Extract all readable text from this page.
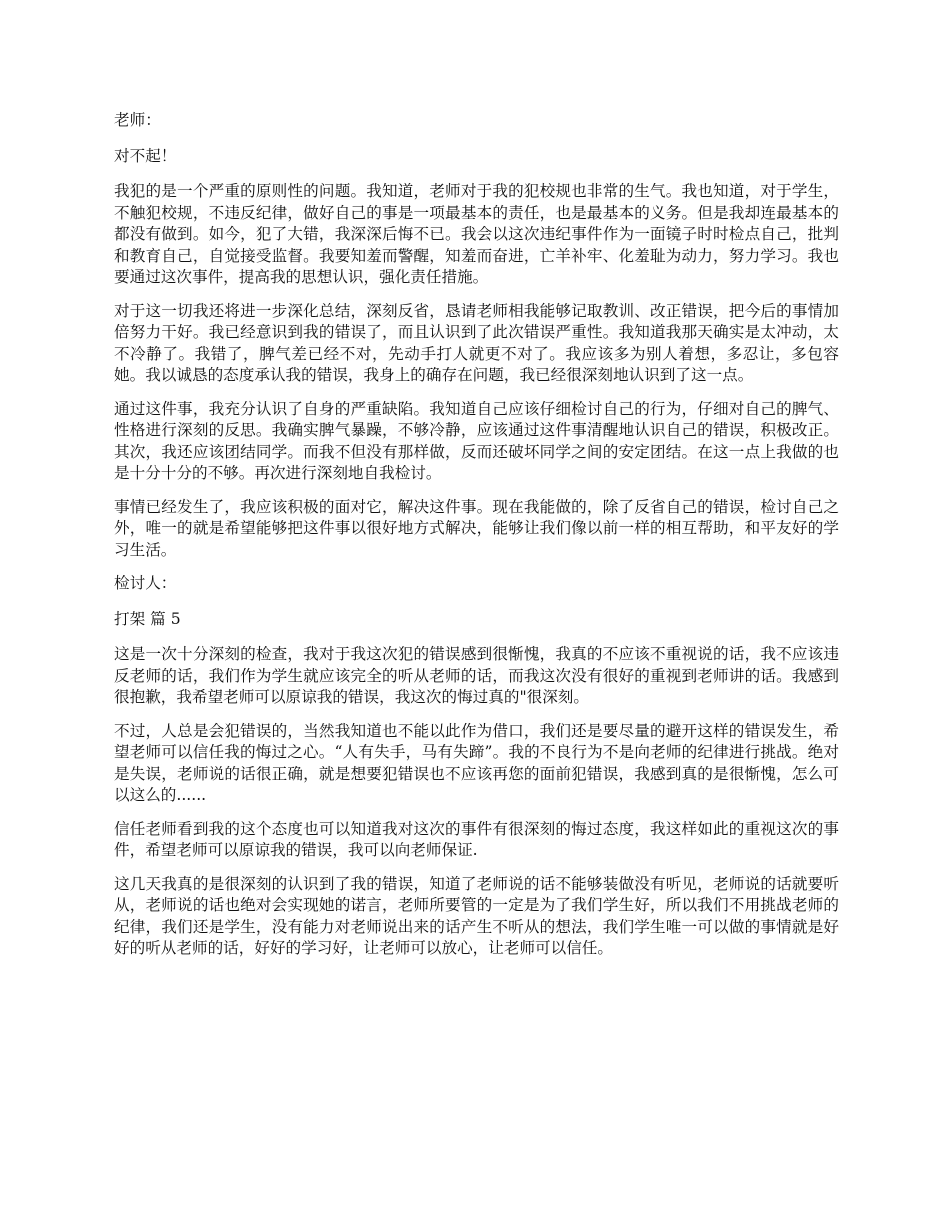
老师：

对不起！

我犯的是一个严重的原则性的问题。我知道，老师对于我的犯校规也非常的生气。我也知道，对于学生，不触犯校规，不违反纪律，做好自己的事是一项最基本的责任，也是最基本的义务。但是我却连最基本的都没有做到。如今，犯了大错，我深深后悔不已。我会以这次违纪事件作为一面镜子时时检点自己，批判和教育自己，自觉接受监督。我要知羞而警醒，知羞而奋进，亡羊补牢、化羞耻为动力，努力学习。我也要通过这次事件，提高我的思想认识，强化责任措施。

对于这一切我还将进一步深化总结，深刻反省，恳请老师相我能够记取教训、改正错误，把今后的事情加倍努力干好。我已经意识到我的错误了，而且认识到了此次错误严重性。我知道我那天确实是太冲动，太不冷静了。我错了，脾气差已经不对，先动手打人就更不对了。我应该多为别人着想，多忍让，多包容她。我以诚恳的态度承认我的错误，我身上的确存在问题，我已经很深刻地认识到了这一点。

通过这件事，我充分认识了自身的严重缺陷。我知道自己应该仔细检讨自己的行为，仔细对自己的脾气、性格进行深刻的反思。我确实脾气暴躁，不够冷静，应该通过这件事清醒地认识自己的错误，积极改正。其次，我还应该团结同学。而我不但没有那样做，反而还破坏同学之间的安定团结。在这一点上我做的也是十分十分的不够。再次进行深刻地自我检讨。

事情已经发生了，我应该积极的面对它，解决这件事。现在我能做的，除了反省自己的错误，检讨自己之外，唯一的就是希望能够把这件事以很好地方式解决，能够让我们像以前一样的相互帮助，和平友好的学习生活。

检讨人：

打架 篇 5

这是一次十分深刻的检查，我对于我这次犯的错误感到很惭愧，我真的不应该不重视说的话，我不应该违反老师的话，我们作为学生就应该完全的听从老师的话，而我这次没有很好的重视到老师讲的话。我感到很抱歉，我希望老师可以原谅我的错误，我这次的悔过真的"很深刻。

不过，人总是会犯错误的，当然我知道也不能以此作为借口，我们还是要尽量的避开这样的错误发生，希望老师可以信任我的悔过之心。“人有失手，马有失蹄”。我的不良行为不是向老师的纪律进行挑战。绝对是失误，老师说的话很正确，就是想要犯错误也不应该再您的面前犯错误，我感到真的是很惭愧，怎么可以这么的......

信任老师看到我的这个态度也可以知道我对这次的事件有很深刻的悔过态度，我这样如此的重视这次的事件，希望老师可以原谅我的错误，我可以向老师保证.

这几天我真的是很深刻的认识到了我的错误，知道了老师说的话不能够装做没有听见，老师说的话就要听从，老师说的话也绝对会实现她的诺言，老师所要管的一定是为了我们学生好，所以我们不用挑战老师的纪律，我们还是学生，没有能力对老师说出来的话产生不听从的想法，我们学生唯一可以做的事情就是好好的听从老师的话，好好的学习好，让老师可以放心，让老师可以信任。
